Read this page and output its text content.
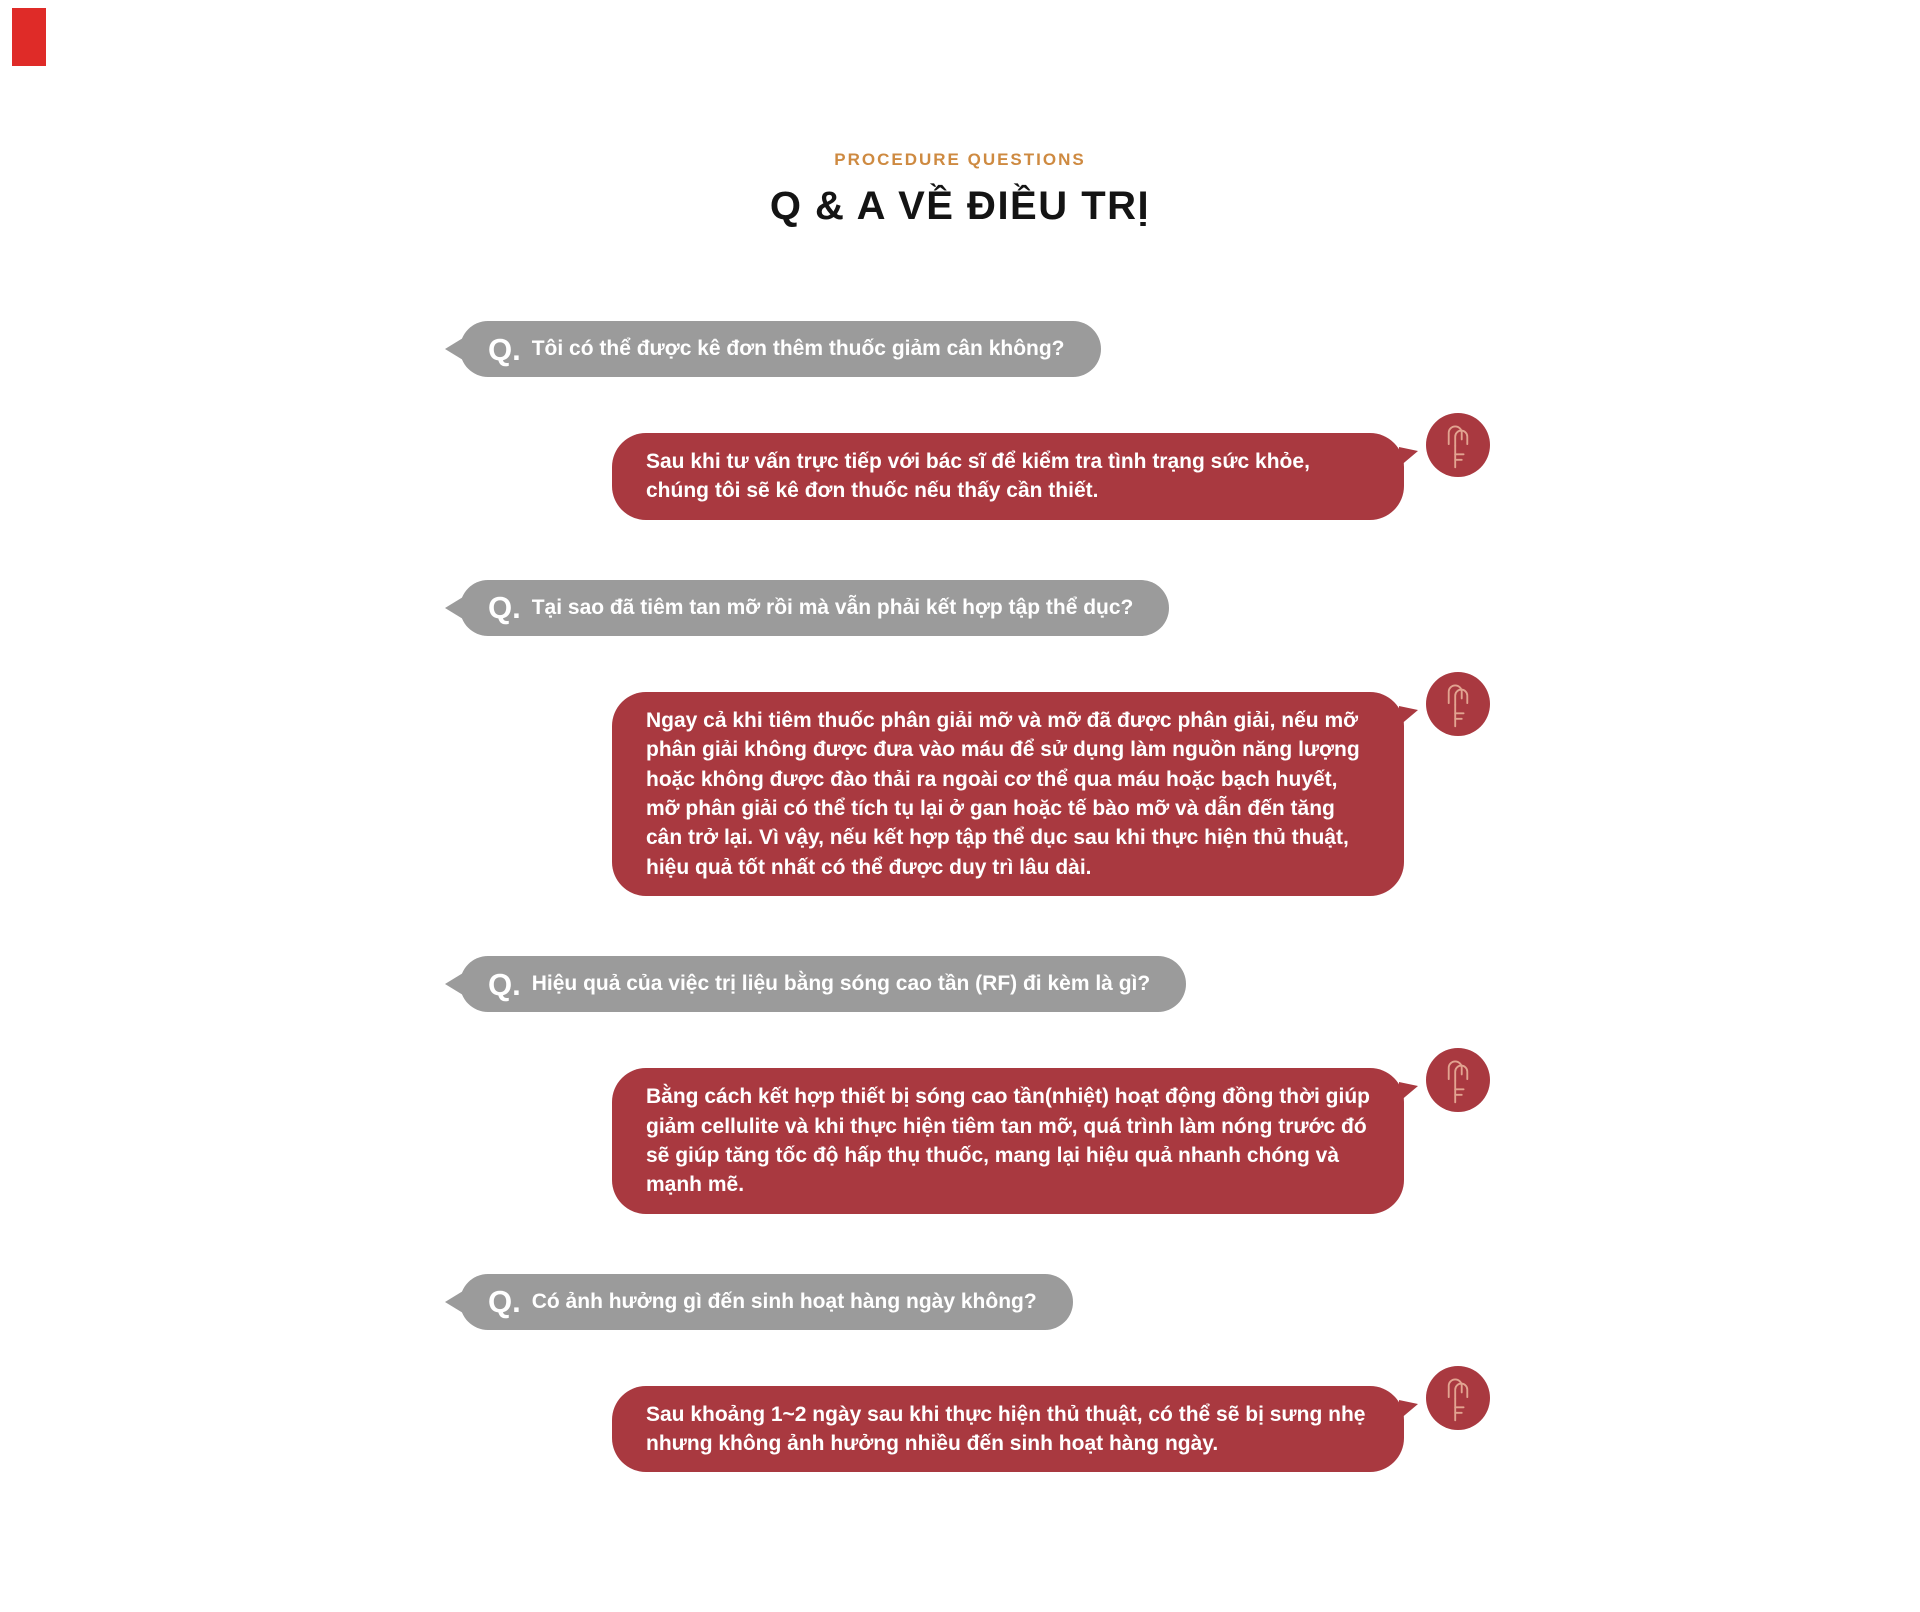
PROCEDURE QUESTIONS
Q & A VỀ ĐIỀU TRỊ
Q. Tôi có thể được kê đơn thêm thuốc giảm cân không?
Sau khi tư vấn trực tiếp với bác sĩ để kiểm tra tình trạng sức khỏe, chúng tôi sẽ kê đơn thuốc nếu thấy cần thiết.
Q. Tại sao đã tiêm tan mỡ rồi mà vẫn phải kết hợp tập thể dục?
Ngay cả khi tiêm thuốc phân giải mỡ và mỡ đã được phân giải, nếu mỡ phân giải không được đưa vào máu để sử dụng làm nguồn năng lượng hoặc không được đào thải ra ngoài cơ thể qua máu hoặc bạch huyết, mỡ phân giải có thể tích tụ lại ở gan hoặc tế bào mỡ và dẫn đến tăng cân trở lại. Vì vậy, nếu kết hợp tập thể dục sau khi thực hiện thủ thuật, hiệu quả tốt nhất có thể được duy trì lâu dài.
Q. Hiệu quả của việc trị liệu bằng sóng cao tần (RF) đi kèm là gì?
Bằng cách kết hợp thiết bị sóng cao tần(nhiệt) hoạt động đồng thời giúp giảm cellulite và khi thực hiện tiêm tan mỡ, quá trình làm nóng trước đó sẽ giúp tăng tốc độ hấp thụ thuốc, mang lại hiệu quả nhanh chóng và mạnh mẽ.
Q. Có ảnh hưởng gì đến sinh hoạt hàng ngày không?
Sau khoảng 1~2 ngày sau khi thực hiện thủ thuật, có thể sẽ bị sưng nhẹ nhưng không ảnh hưởng nhiều đến sinh hoạt hàng ngày.
